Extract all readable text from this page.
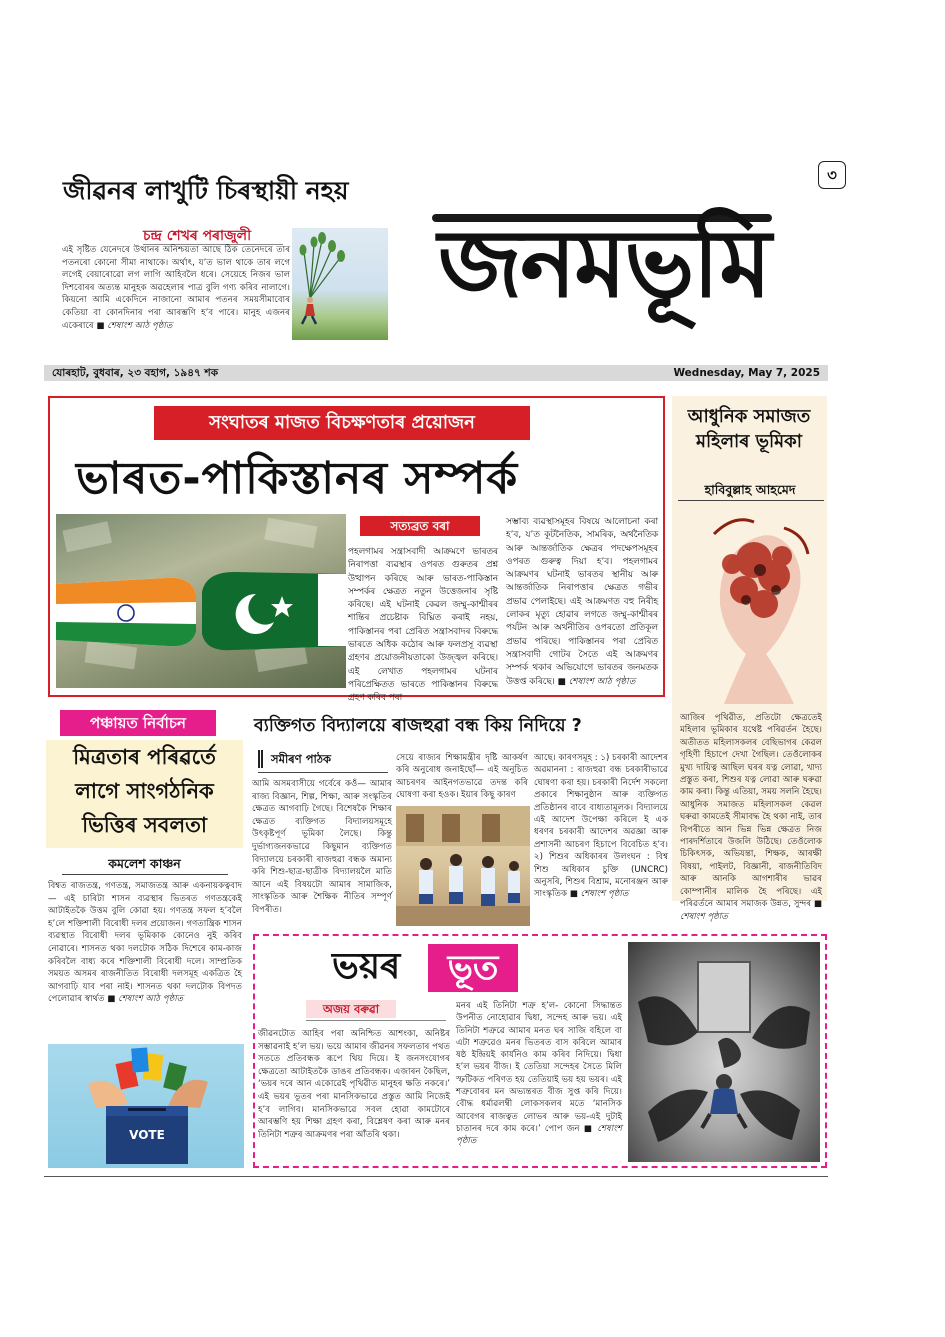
৩
জীৱনৰ লাখুটি চিৰস্থায়ী নহয়
চন্দ্ৰ শেখৰ পৰাজুলী
এই সৃষ্টিত যেনেদৰে উত্থানৰ অনিশ্চয়তা আছে ঠিক তেনেদৰে তাৰ পতনৰো কোনো সীমা নাথাকে। অৰ্থাৎ, য’ত ভাল থাকে তাৰ লগে লগেই বেয়াৰোৱো লগ লাগি আহিবলৈ ধৰে। সেয়েহে নিজৰ ভাল দিশবোৰৰ অত্যন্ত মানুহক অৱহেলাৰ পাত্ৰ বুলি গণ্য কৰিব নালাগে। কিয়নো আমি একেদিনে নাজানো আমাৰ পতনৰ সময়সীমাবোৰ কেতিয়া বা কোনদিনাৰ পৰা আৰম্ভণি হ’ব পাৰে। মানুহ এজনৰ একেৰাৰে ■ শেষাংশ আঠ পৃষ্ঠাত
জনমভূমি
যোৰহাট, বুধবাৰ, ২৩ বহাগ, ১৯৪৭ শক	Wednesday, May 7, 2025
সংঘাতৰ মাজত বিচক্ষণতাৰ প্ৰয়োজন
ভাৰত-পাকিস্তানৰ সম্পৰ্ক
সত্যব্ৰত বৰা
পহলগামৰ সন্ত্ৰাসবাদী আক্ৰমণে ভাৰতৰ নিৰাপত্তা ব্যৱস্থাৰ ওপৰত গুৰুতৰ প্ৰশ্ন উত্থাপন কৰিছে আৰু ভাৰত-পাকিস্তান সম্পৰ্কৰ ক্ষেত্ৰত নতুন উত্তেজনাৰ সৃষ্টি কৰিছে। এই ঘটনাই কেৱল জম্মু-কাশ্মীৰৰ শান্তিৰ প্ৰচেষ্টাক বিঘ্নিত কৰাই নহয়, পাকিস্তানৰ পৰা প্ৰেৰিত সন্ত্ৰাসবাদৰ বিৰুদ্ধে ভাৰতে অধিক কঠোৰ আৰু ফলপ্ৰসূ ব্যৱস্থা গ্ৰহণৰ প্ৰয়োজনীয়তাকো উজ্জ্বল কৰিছে। এই লেখাত পহলগামৰ ঘটনাৰ পৰিপ্ৰেক্ষিতত ভাৰতে পাকিস্তানৰ বিৰুদ্ধে গ্ৰহণ কৰিব পৰা
সম্ভাব্য ব্যৱস্থাসমূহৰ বিষয়ে আলোচনা কৰা হ’ব, য’ত কূটনৈতিক, সামৰিক, অৰ্থনৈতিক আৰু আন্তৰ্জাতিক ক্ষেত্ৰৰ পদক্ষেপসমূহৰ ওপৰত গুৰুত্ব দিয়া হ’ব। পহলগামৰ আক্ৰমণৰ ঘটনাই ভাৰতৰ স্থানীয় আৰু আন্তৰ্জাতিক নিৰাপত্তাৰ ক্ষেত্ৰত গভীৰ প্ৰভাৱ পেলাইছে। এই আক্ৰমণত বহু নিৰীহ লোকৰ মৃত্যু হোৱাৰ লগতে জম্মু-কাশ্মীৰৰ পৰ্যটন আৰু অৰ্থনীতিৰ ওপৰতো প্ৰতিকূল প্ৰভাৱ পৰিছে। পাকিস্তানৰ পৰা প্ৰেৰিত সন্ত্ৰাসবাদী গোটৰ সৈতে এই আক্ৰমণৰ সম্পৰ্ক থকাৰ অভিযোগে ভাৰতৰ জনমতক উত্তপ্ত কৰিছে। ■ শেষাংশ আঠ পৃষ্ঠাত
আধুনিক সমাজত মহিলাৰ ভূমিকা
হাবিবুল্লাহ আহমেদ
আজিৰ পৃথিৱীত, প্ৰতিটো ক্ষেত্ৰতেই মহিলাৰ ভূমিকাৰ যথেষ্ট পৰিৱৰ্তন হৈছে। অতীতত মহিলাসকলৰ বেছিভাগৰ কেৱল গৃহিণী হিচাপে দেখা গৈছিল। তেওঁলোকৰ মুখ্য দায়িত্ব আছিল ঘৰৰ যত্ন লোৱা, খাদ্য প্ৰস্তুত কৰা, শিশুৰ যত্ন লোৱা আৰু ঘৰুৱা কাম কৰা। কিন্তু এতিয়া, সময় সলনি হৈছে। আধুনিক সমাজত মহিলাসকল কেৱল ঘৰুৱা কামতেই সীমাবদ্ধ হৈ থকা নাই, তাৰ বিপৰীতে আন ভিন্ন ভিন্ন ক্ষেত্ৰত নিজ পাৰদৰ্শিতাৰে উজলি উঠিছে। তেওঁলোক চিকিৎসক, অভিযন্তা, শিক্ষক, আৰক্ষী বিষয়া, পাইলট, বিজ্ঞানী, ৰাজনীতিবিদ আৰু আনকি আগশাৰীৰ ভাৱৰ কোম্পানীৰ মালিক হৈ পৰিছে। এই পৰিৱৰ্তনে আমাৰ সমাজক উন্নত, সুন্দৰ ■ শেষাংশ পৃষ্ঠাত
পঞ্চায়ত নিৰ্বাচন
মিত্ৰতাৰ পৰিৱৰ্তে
লাগে সাংগঠনিক
ভিত্তিৰ সবলতা
কমলেশ কাঞ্চন
বিশ্বত ৰাজতন্ত্ৰ, গণতন্ত্ৰ, সমাজতন্ত্ৰ আৰু একনায়কত্ববাদ— এই চাৰিটা শাসন ব্যৱস্থাৰ ভিতৰত গণতন্ত্ৰকেই আটাইতকৈ উত্তম বুলি কোৱা হয়। গণতন্ত্ৰ সফল হ’বলৈ হ’লে শক্তিশালী বিৰোধী দলৰ প্ৰয়োজন। গণতান্ত্ৰিক শাসন ব্যৱস্থাত বিৰোধী দলৰ ভূমিকাক কোনেও নুই কৰিব নোৱাৰে। শাসনত থকা দলটোক সঠিক দিশেৰে কাম-কাজ কৰিবলৈ বাধ্য কৰে শক্তিশালী বিৰোধী দলে। সাম্প্ৰতিক সময়ত অসমৰ ৰাজনীতিত বিৰোধী দলসমূহ একত্ৰিত হৈ আগবাঢ়ি যাব পৰা নাই। শাসনত থকা দলটোক বিপদত পেলোৱাৰ স্বাৰ্থত ■ শেষাংশ আঠ পৃষ্ঠাত
VOTE
ব্যক্তিগত বিদ্যালয়ে ৰাজহুৱা বন্ধ কিয় নিদিয়ে ?
সমীৰণ পাঠক
আমি অসমবাসীয়ে গৰ্বেৰে কওঁ— আমাৰ ৰাজ্য বিজ্ঞান, শিল্প, শিক্ষা, আৰু সংস্কৃতিৰ ক্ষেত্ৰত আগবাঢ়ি গৈছে। বিশেষকৈ শিক্ষাৰ ক্ষেত্ৰত ব্যক্তিগত বিদ্যালয়সমূহে উৎকৃষ্টপূৰ্ণ ভূমিকা লৈছে। কিন্তু দুৰ্ভাগ্যজনকভাৱে কিছুমান ব্যক্তিগত বিদ্যালয়ে চৰকাৰী ৰাজহুৱা বন্ধক অমান্য কৰি শিশু-ছাত্ৰ-ছাত্ৰীক বিদ্যালয়লৈ মাতি আনে এই বিষয়টো আমাৰ সামাজিক, সাংস্কৃতিক আৰু শৈক্ষিক নীতিৰ সম্পূৰ্ণ বিপৰীত।
সেয়ে ৰাজ্যৰ শিক্ষামন্ত্ৰীৰ দৃষ্টি আকৰ্ষণ কৰি অনুৰোধ জনাইছোঁ— এই অনুচিত আচৰণৰ আইনগতভাৱে তদন্ত কৰি ঘোষণা কৰা হওক। ইয়াৰ কিছু কাৰণ
আছে। কাৰণসমূহ : ১) চৰকাৰী আদেশৰ অৱমাননা : ৰাজহুৱা বন্ধ চৰকাৰীভাৱে ঘোষণা কৰা হয়। চৰকাৰী নিৰ্দেশ সকলো প্ৰকাৰে শিক্ষানুষ্ঠান আৰু ব্যক্তিগত প্ৰতিষ্ঠানৰ বাবে বাধ্যতামূলক। বিদ্যালয়ে এই আদেশ উপেক্ষা কৰিলে ই এক ধৰণৰ চৰকাৰী আদেশৰ অৱজ্ঞা আৰু প্ৰশাসনী আচৰণ হিচাপে বিবেচিত হ’ব। ২) শিশুৰ অধিকাৰৰ উলংঘন : বিশ্ব শিশু অধিকাৰ চুক্তি (UNCRC) অনুসৰি, শিশুৰ বিশ্ৰাম, মনোৰঞ্জন আৰু সাংস্কৃতিক ■ শেষাংশ পৃষ্ঠাত
ভয়ৰ	ভূত
অজয় বৰুৱা
জীৱনটোত আহিব পৰা অনিশ্চিত আশংকা, অনিষ্টৰ সম্ভাৱনাই হ’ল ভয়। ভয়ে আমাৰ জীৱনৰ সফলতাৰ পথত সততে প্ৰতিবন্ধক ৰূপে থিয় দিয়ে। ই জনসংযোগৰ ক্ষেত্ৰতো আটাইতকৈ ডাঙৰ প্ৰতিবন্ধক। এজাৰন কৈছিল, ‘ভয়ৰ দৰে আন একোৱেই পৃথিৱীত মানুহৰ ক্ষতি নকৰে।’ এই ভয়ৰ ভূতৰ পৰা মানসিকভাৱে প্ৰস্তুত আমি নিজেই হ’ব লাগিব। মানসিকভাৱে সবল হোৱা কামটোৰে আৰম্ভণি হয় শিক্ষা গ্ৰহণ কৰা, বিশ্লেষণ কৰা আৰু মনৰ তিনিটা শত্ৰুৰ আক্ৰমণৰ পৰা আঁতৰি থকা।
মনৰ এই তিনিটা শত্ৰু হ’ল- কোনো সিদ্ধান্তত উপনীত নোহোৱাৰ দ্বিধা, সন্দেহ আৰু ভয়। এই তিনিটা শত্ৰুৱে আমাৰ মনত ঘৰ সাজি বহিলে বা এটা শত্ৰুৱেও মনৰ ভিতৰত বাস কৰিলে আমাৰ ষষ্ঠ ইন্দ্ৰিয়ই কাৰ্যনিও কাম কৰিব নিদিয়ে। দ্বিধা হ’ল ভয়ৰ বীজ। ই তেতিয়া সন্দেহৰ সৈতে মিলি স্ফটিকত পৰিণত হয় তেতিয়াই ভয় হয় ভয়ৰ। এই শত্ৰুবোৰৰ মন অভ্যন্তৰত বীজ সুপ্ত কৰি দিয়ে। বৌদ্ধ ধৰ্মাৱলম্বী লোকসকলৰ মতে ‘মানসিক আবেগৰ ৰাজত্বত লোভৰ আৰু ভয়-এই দুটাই চাতানৰ দৰে কাম কৰে।’ পোপ জন ■ শেষাংশ পৃষ্ঠাত
